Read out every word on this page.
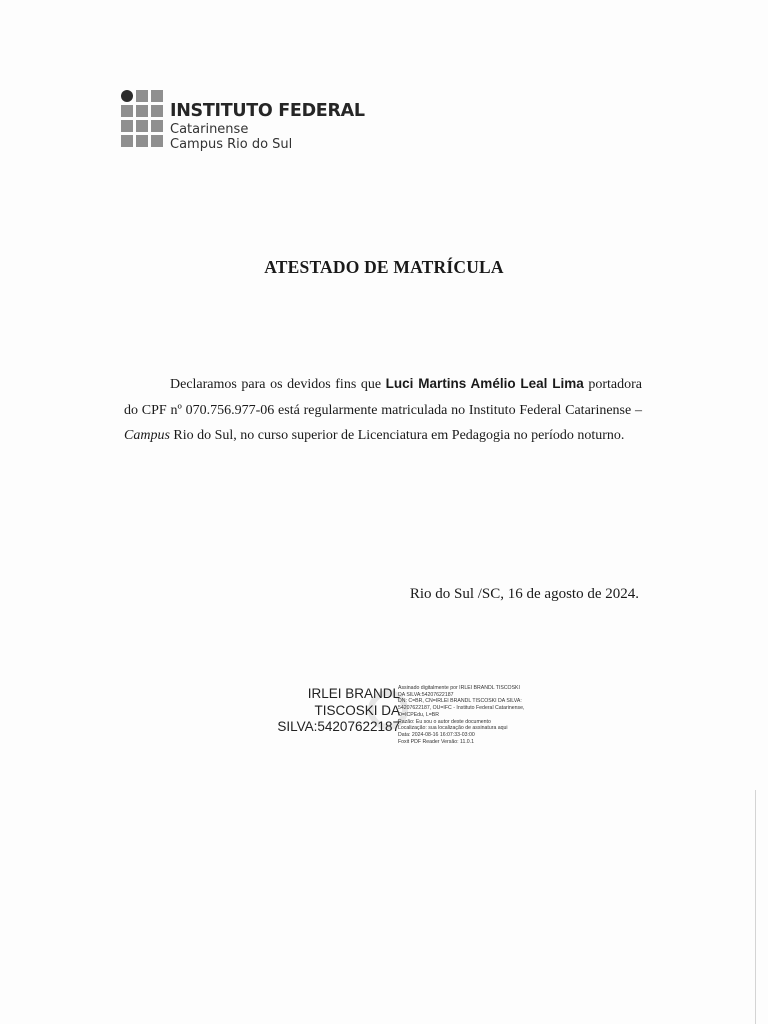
INSTITUTO FEDERAL
Catarinense
Campus Rio do Sul
ATESTADO DE MATRÍCULA
Declaramos para os devidos fins que Luci Martins Amélio Leal Lima portadora do CPF nº 070.756.977-06 está regularmente matriculada no Instituto Federal Catarinense – Campus Rio do Sul, no curso superior de Licenciatura em Pedagogia no período noturno.
Rio do Sul /SC, 16 de agosto de 2024.
IRLEI BRANDL
TISCOSKI DA
SILVA:54207622187
Assinado digitalmente por IRLEI BRANDL TISCOSKI
DA SILVA:54207622187
DN: C=BR, CN=IRLEI BRANDL TISCOSKI DA SILVA:
54207622187, OU=IFC - Instituto Federal Catarinense,
O=ICPEdu, L=BR
Razão: Eu sou o autor deste documento
Localização: sua localização de assinatura aqui
Data: 2024-08-16 16:07:33-03:00
Foxit PDF Reader Versão: 11.0.1
